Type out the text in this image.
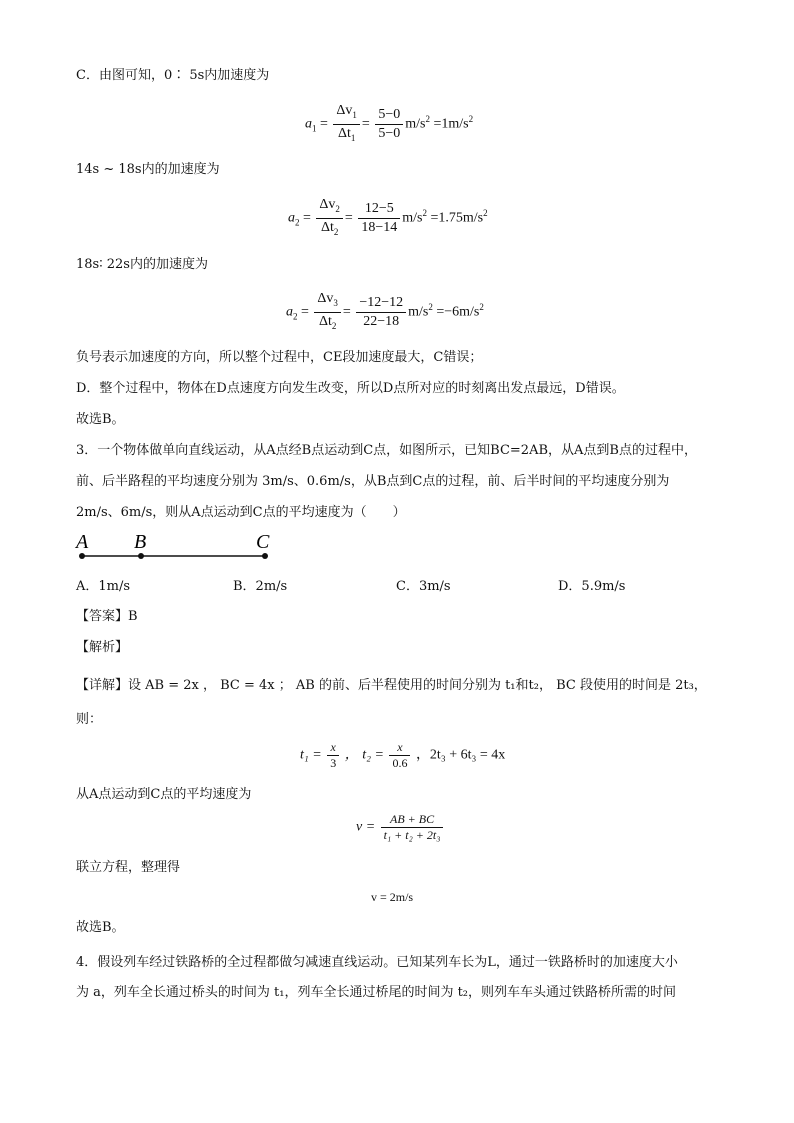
C．由图可知，0∶ 5s内加速度为
$a_1 = \frac{\Delta v_1}{\Delta t_1} = \frac{5-0}{5-0} m/s^2 =1m/s^2$
14s ~ 18s内的加速度为
$a_2 = \frac{\Delta v_2}{\Delta t_2} = \frac{12-5}{18-14} m/s^2 =1.75m/s^2$
18s∶ 22s内的加速度为
$a_2 = \frac{\Delta v_3}{\Delta t_2} = \frac{-12-12}{22-18} m/s^2 =-6m/s^2$
负号表示加速度的方向，所以整个过程中，CE段加速度最大，C错误；
D．整个过程中，物体在D点速度方向发生改变，所以D点所对应的时刻离出发点最远，D错误。
故选B。
3．一个物体做单向直线运动，从A点经B点运动到C点，如图所示，已知BC=2AB，从A点到B点的过程中，
前、后半路程的平均速度分别为 3m/s、0.6m/s，从B点到C点的过程，前、后半时间的平均速度分别为
2m/s、6m/s，则从A点运动到C点的平均速度为（　　）
A B	C
A．1m/s	B．2m/s	C．3m/s	D．5.9m/s
【答案】B
【解析】
【详解】设 AB = 2x ， BC = 4x ； AB 的前、后半程使用的时间分别为 t₁和t₂， BC 段使用的时间是 2t₃，
则：
$t_1 = \frac{x}{3}$ ， $t_2 = \frac{x}{0.6}$ ，2t₃ + 6t₃ = 4x
从A点运动到C点的平均速度为
$v = \frac{AB + BC}{\text{t₁ + t₂ + 2t₃}}$
联立方程，整理得
v = 2m/s
故选B。
4．假设列车经过铁路桥的全过程都做匀减速直线运动。已知某列车长为L，通过一铁路桥时的加速度大小
为 a，列车全长通过桥头的时间为 t₁，列车全长通过桥尾的时间为 t₂，则列车车头通过铁路桥所需的时间
